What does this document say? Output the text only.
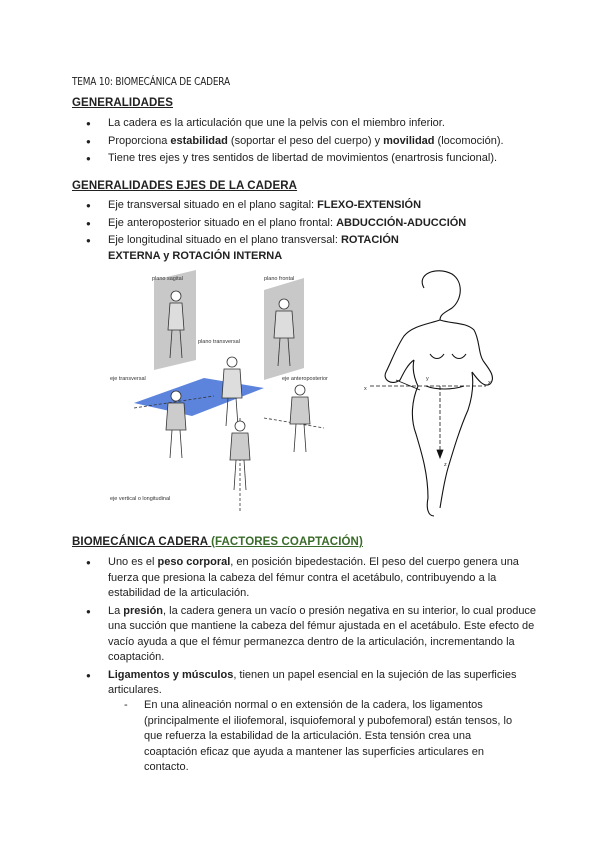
TEMA 10: BIOMECÁNICA DE CADERA
GENERALIDADES
● La cadera es la articulación que une la pelvis con el miembro inferior.
● Proporciona estabilidad (soportar el peso del cuerpo) y movilidad (locomoción).
● Tiene tres ejes y tres sentidos de libertad de movimientos (enartrosis funcional).
GENERALIDADES EJES DE LA CADERA
● Eje transversal situado en el plano sagital: FLEXO-EXTENSIÓN
● Eje anteroposterior situado en el plano frontal: ABDUCCIÓN-ADUCCIÓN
● Eje longitudinal situado en el plano transversal: ROTACIÓN EXTERNA y ROTACIÓN INTERNA
plano sagital	plano frontal
plano transversal
eje transversal	eje anteroposterior
eje vertical o longitudinal
x
x
y
z
BIOMECÁNICA CADERA (FACTORES COAPTACIÓN)
● Uno es el peso corporal, en posición bipedestación. El peso del cuerpo genera una fuerza que presiona la cabeza del fémur contra el acetábulo, contribuyendo a la estabilidad de la articulación.
● La presión, la cadera genera un vacío o presión negativa en su interior, lo cual produce una succión que mantiene la cabeza del fémur ajustada en el acetábulo. Este efecto de vacío ayuda a que el fémur permanezca dentro de la articulación, incrementando la coaptación.
● Ligamentos y músculos, tienen un papel esencial en la sujeción de las superficies articulares.
- En una alineación normal o en extensión de la cadera, los ligamentos (principalmente el iliofemoral, isquiofemoral y pubofemoral) están tensos, lo que refuerza la estabilidad de la articulación. Esta tensión crea una coaptación eficaz que ayuda a mantener las superficies articulares en contacto.
